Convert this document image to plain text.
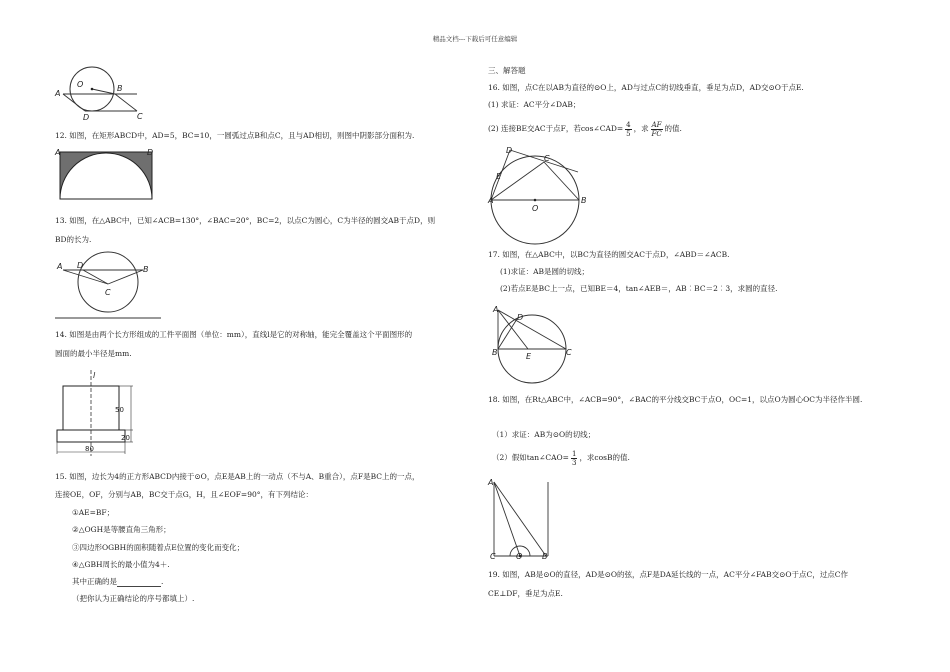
精品文档---下载后可任意编辑
A
O	B
D	C
12. 如图，在矩形ABCD中，AD=5，BC=10，一圆弧过点B和点C，且与AD相切，则图中阴影部分面积为.
A	D
13. 如图，在△ABC中，已知∠ACB=130°，∠BAC=20°，BC=2，以点C为圆心，C为半径的圆交AB于点D，则
BD的长为.
A D	B
C
14. 如图是由两个长方形组成的工件平面图（单位：mm），直线l是它的对称轴，能完全覆盖这个平面图形的
圆面的最小半径是mm.
l
50
20
80
15. 如图，边长为4的正方形ABCD内接于⊙O，点E是AB上的一动点（不与A、B重合），点F是BC上的一点，
连接OE，OF，分别与AB，BC交于点G，H，且∠EOF=90°，有下列结论：
①AE=BF；
②△OGH是等腰直角三角形；
③四边形OGBH的面积随着点E位置的变化而变化；
④△GBH周长的最小值为4＋.
其中正确的是	.
（把你认为正确结论的序号都填上）.
三、解答题
16. 如图，点C在以AB为直径的⊙O上，AD与过点C的切线垂直，垂足为点D，AD交⊙O于点E.
(1) 求证：AC平分∠DAB；
(2) 连接BE交AC于点F，若cos∠CAD= $\frac{4}{5}$ ，求 $\frac{AF}{FC}$ 的值.
D
C
E
A
O
B
17. 如图，在△ABC中，以BC为直径的圆交AC于点D，∠ABD＝∠ACB.
(1)求证：AB是圆的切线；
(2)若点E是BC上一点，已知BE＝4，tan∠AEB＝，AB︰BC＝2︰3，求圆的直径.
A
D
B	E	C
18. 如图，在Rt△ABC中，∠ACB=90°，∠BAC的平分线交BC于点O，OC=1，以点O为圆心OC为半径作半圆.
（1）求证：AB为⊙O的切线；
（2）假如tan∠CAO= $\frac{1}{3}$ ，求cosB的值.
A
C	O B
19. 如图，AB是⊙O的直径，AD是⊙O的弦，点F是DA延长线的一点，AC平分∠FAB交⊙O于点C，过点C作
CE⊥DF，垂足为点E.
